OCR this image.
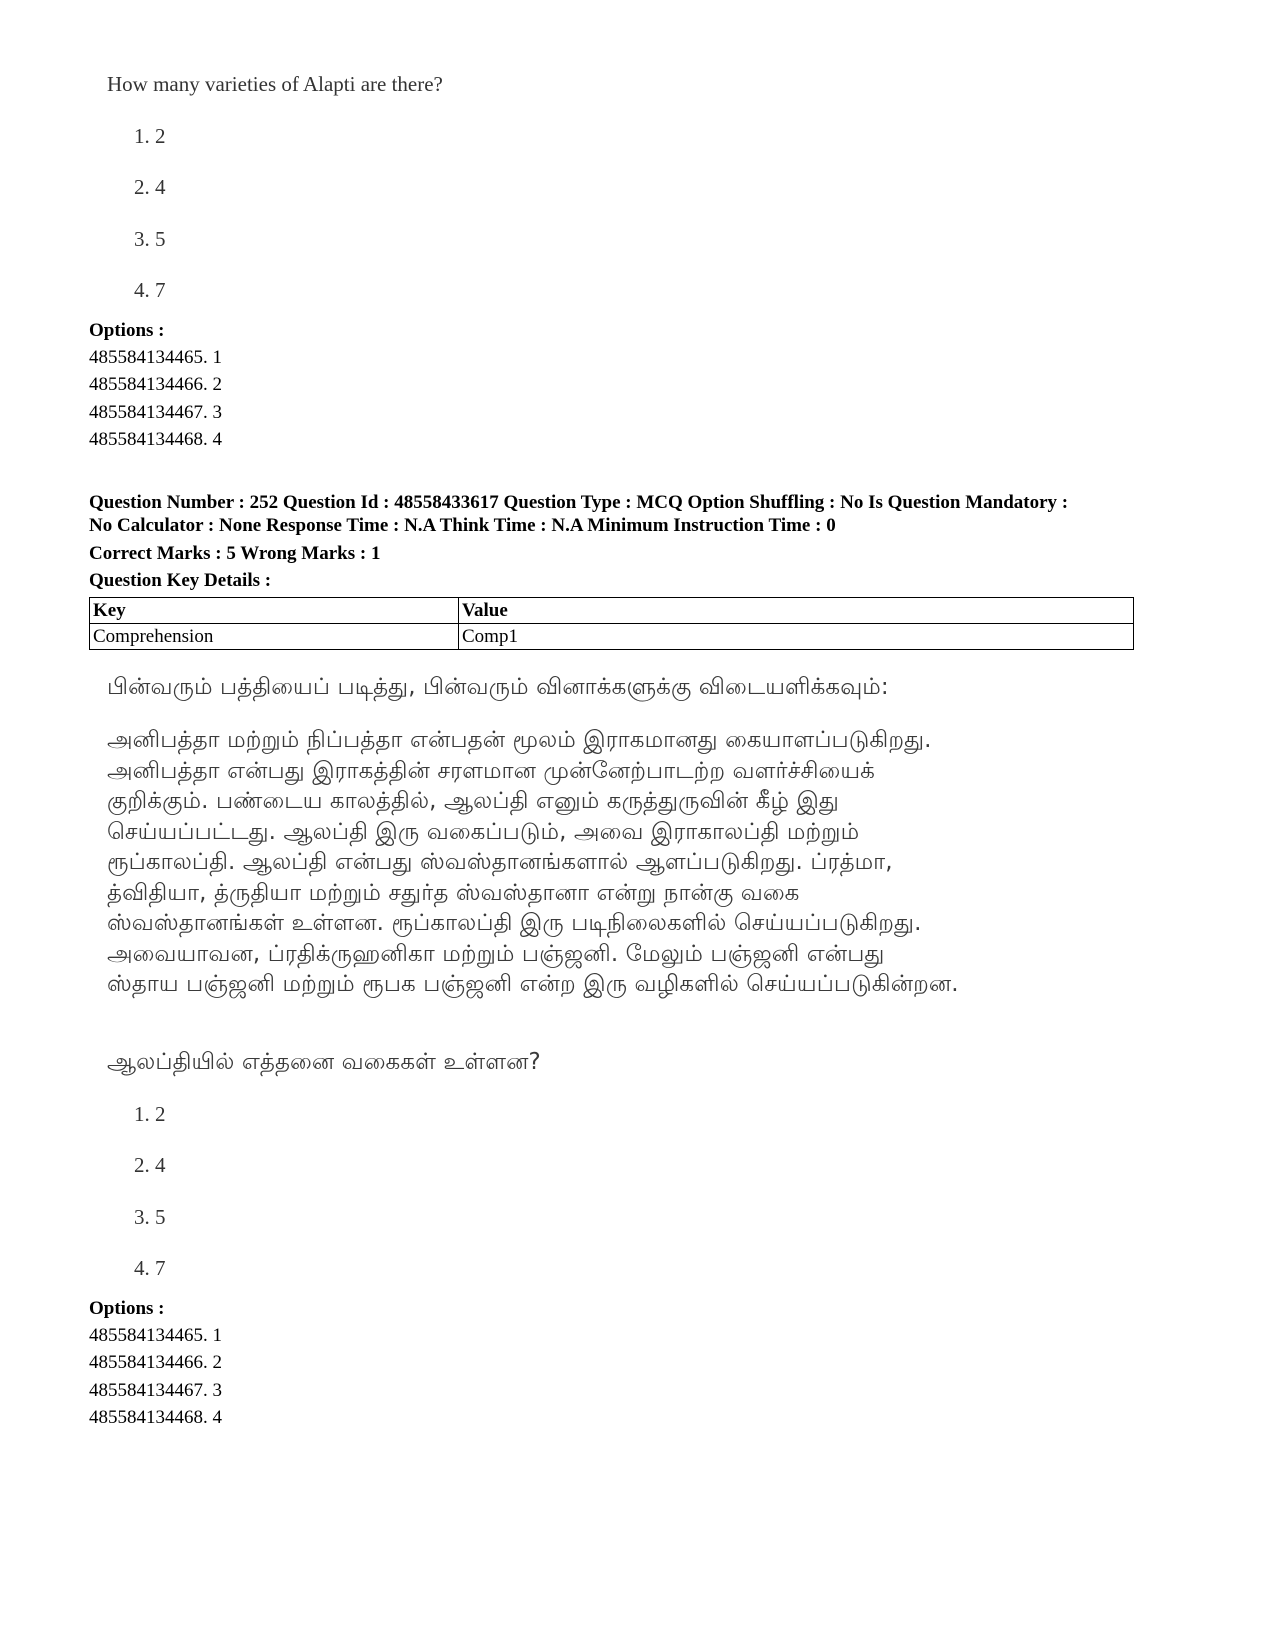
How many varieties of Alapti are there?
1. 2
2. 4
3. 5
4. 7
Options :
485584134465. 1
485584134466. 2
485584134467. 3
485584134468. 4
Question Number : 252 Question Id : 48558433617 Question Type : MCQ Option Shuffling : No Is Question Mandatory :
No Calculator : None Response Time : N.A Think Time : N.A Minimum Instruction Time : 0
Correct Marks : 5 Wrong Marks : 1
Question Key Details :
Key	Value
Comprehension	Comp1
பின்வரும் பத்தியைப் படித்து, பின்வரும் வினாக்களுக்கு விடையளிக்கவும்:
அனிபத்தா மற்றும் நிப்பத்தா என்பதன் மூலம் இராகமானது கையாளப்படுகிறது.
அனிபத்தா என்பது இராகத்தின் சரளமான முன்னேற்பாடற்ற வளர்ச்சியைக்
குறிக்கும். பண்டைய காலத்தில், ஆலப்தி எனும் கருத்துருவின் கீழ் இது
செய்யப்பட்டது. ஆலப்தி இரு வகைப்படும், அவை இராகாலப்தி மற்றும்
ரூப்காலப்தி. ஆலப்தி என்பது ஸ்வஸ்தானங்களால் ஆளப்படுகிறது. ப்ரத்மா,
த்விதியா, த்ருதியா மற்றும் சதுர்த ஸ்வஸ்தானா என்று நான்கு வகை
ஸ்வஸ்தானங்கள் உள்ளன. ரூப்காலப்தி இரு படிநிலைகளில் செய்யப்படுகிறது.
அவையாவன, ப்ரதிக்ருஹனிகா மற்றும் பஞ்ஜனி. மேலும் பஞ்ஜனி என்பது
ஸ்தாய பஞ்ஜனி மற்றும் ரூபக பஞ்ஜனி என்ற இரு வழிகளில் செய்யப்படுகின்றன.
ஆலப்தியில் எத்தனை வகைகள் உள்ளன?
1. 2
2. 4
3. 5
4. 7
Options :
485584134465. 1
485584134466. 2
485584134467. 3
485584134468. 4
